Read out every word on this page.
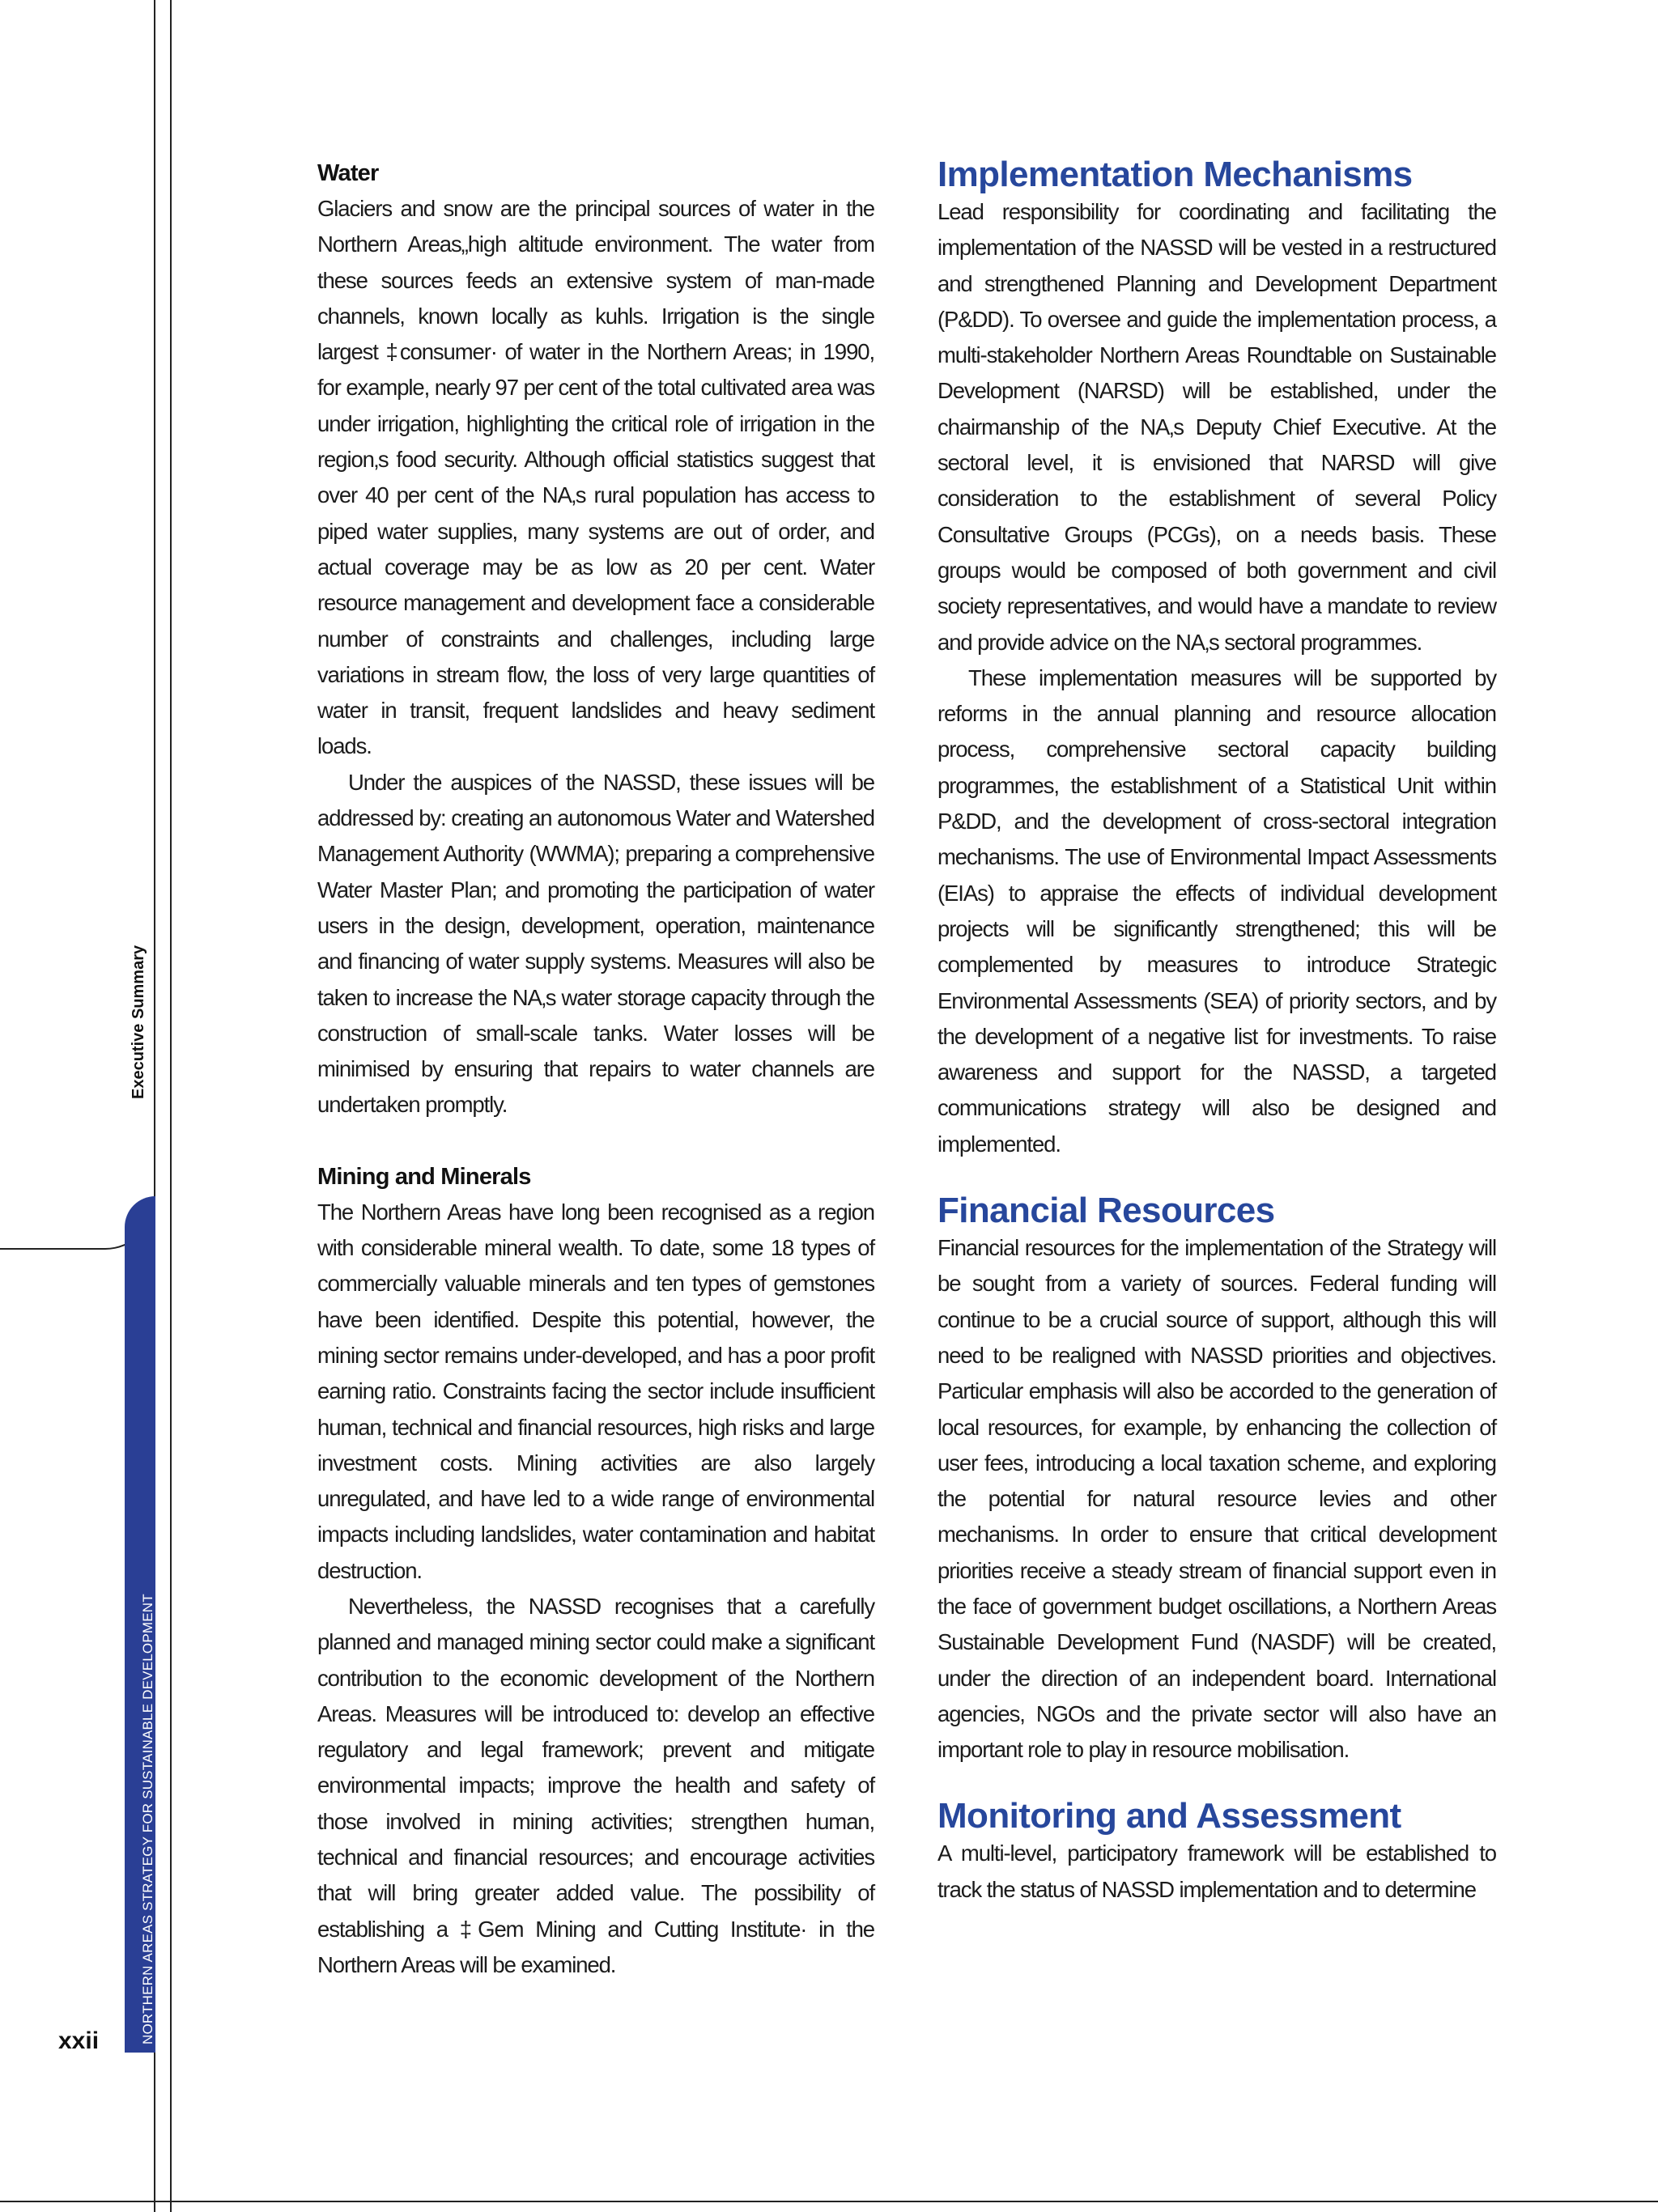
NORTHERN AREAS STRATEGY FOR SUSTAINABLE DEVELOPMENT
Executive Summary
xxii
Water

Glaciers and snow are the principal sources of water in the Northern Areas„high altitude environment. The water from these sources feeds an extensive system of man-made channels, known locally as kuhls. Irrigation is the single largest ‡consumer· of water in the Northern Areas; in 1990, for example, nearly 97 per cent of the total cultivated area was under irrigation, highlighting the critical role of irrigation in the region‚s food security. Although official statistics suggest that over 40 per cent of the NA‚s rural population has access to piped water supplies, many systems are out of order, and actual coverage may be as low as 20 per cent. Water resource management and development face a considerable number of constraints and challenges, including large variations in stream flow, the loss of very large quantities of water in transit, frequent landslides and heavy sediment loads.

Under the auspices of the NASSD, these issues will be addressed by: creating an autonomous Water and Watershed Management Authority (WWMA); preparing a comprehensive Water Master Plan; and promoting the participation of water users in the design, development, operation, maintenance and financing of water supply systems. Measures will also be taken to increase the NA‚s water storage capacity through the construction of small-scale tanks. Water losses will be minimised by ensuring that repairs to water channels are undertaken promptly.

Mining and Minerals

The Northern Areas have long been recognised as a region with considerable mineral wealth. To date, some 18 types of commercially valuable minerals and ten types of gemstones have been identified. Despite this potential, however, the mining sector remains under-developed, and has a poor profit earning ratio. Constraints facing the sector include insufficient human, technical and financial resources, high risks and large investment costs. Mining activities are also largely unregulated, and have led to a wide range of environmental impacts including landslides, water contamination and habitat destruction.

Nevertheless, the NASSD recognises that a carefully planned and managed mining sector could make a significant contribution to the economic development of the Northern Areas. Measures will be introduced to: develop an effective regulatory and legal framework; prevent and mitigate environmental impacts; improve the health and safety of those involved in mining activities; strengthen human, technical and financial resources; and encourage activities that will bring greater added value. The possibility of establishing a ‡Gem Mining and Cutting Institute· in the Northern Areas will be examined.

Implementation Mechanisms

Lead responsibility for coordinating and facilitating the implementation of the NASSD will be vested in a restructured and strengthened Planning and Development Department (P&DD). To oversee and guide the implementation process, a multi-stakeholder Northern Areas Roundtable on Sustainable Development (NARSD) will be established, under the chairmanship of the NA‚s Deputy Chief Executive. At the sectoral level, it is envisioned that NARSD will give consideration to the establishment of several Policy Consultative Groups (PCGs), on a needs basis. These groups would be composed of both government and civil society representatives, and would have a mandate to review and provide advice on the NA‚s sectoral programmes.

These implementation measures will be supported by reforms in the annual planning and resource allocation process, comprehensive sectoral capacity building programmes, the establishment of a Statistical Unit within P&DD, and the development of cross-sectoral integration mechanisms. The use of Environmental Impact Assessments (EIAs) to appraise the effects of individual development projects will be significantly strengthened; this will be complemented by measures to introduce Strategic Environmental Assessments (SEA) of priority sectors, and by the development of a negative list for investments. To raise awareness and support for the NASSD, a targeted communications strategy will also be designed and implemented.

Financial Resources

Financial resources for the implementation of the Strategy will be sought from a variety of sources. Federal funding will continue to be a crucial source of support, although this will need to be realigned with NASSD priorities and objectives. Particular emphasis will also be accorded to the generation of local resources, for example, by enhancing the collection of user fees, introducing a local taxation scheme, and exploring the potential for natural resource levies and other mechanisms. In order to ensure that critical development priorities receive a steady stream of financial support even in the face of government budget oscillations, a Northern Areas Sustainable Development Fund (NASDF) will be created, under the direction of an independent board. International agencies, NGOs and the private sector will also have an important role to play in resource mobilisation.

Monitoring and Assessment

A multi-level, participatory framework will be established to track the status of NASSD implementation and to determine
